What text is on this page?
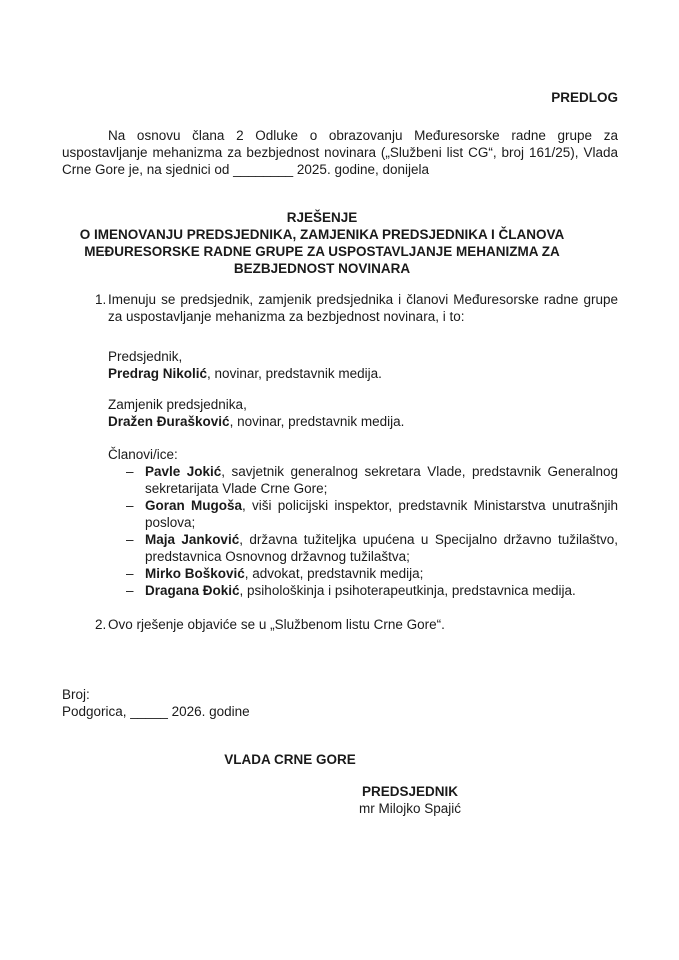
PREDLOG

Na osnovu člana 2 Odluke o obrazovanju Međuresorske radne grupe za uspostavljanje mehanizma za bezbjednost novinara („Službeni list CG“, broj 161/25), Vlada Crne Gore je, na sjednici od ________ 2025. godine, donijela

RJEŠENJE
O IMENOVANJU PREDSJEDNIKA, ZAMJENIKA PREDSJEDNIKA I ČLANOVA
MEĐURESORSKE RADNE GRUPE ZA USPOSTAVLJANJE MEHANIZMA ZA
BEZBJEDNOST NOVINARA
1. Imenuju se predsjednik, zamjenik predsjednika i članovi Međuresorske radne grupe za uspostavljanje mehanizma za bezbjednost novinara, i to:
Predsjednik,
Predrag Nikolić, novinar, predstavnik medija.
Zamjenik predsjednika,
Dražen Đurašković, novinar, predstavnik medija.
Članovi/ice:
– Pavle Jokić, savjetnik generalnog sekretara Vlade, predstavnik Generalnog sekretarijata Vlade Crne Gore;
– Goran Mugoša, viši policijski inspektor, predstavnik Ministarstva unutrašnjih poslova;
– Maja Janković, državna tužiteljka upućena u Specijalno državno tužilaštvo, predstavnica Osnovnog državnog tužilaštva;
– Mirko Bošković, advokat, predstavnik medija;
– Dragana Đokić, psihološkinja i psihoterapeutkinja, predstavnica medija.
2. Ovo rješenje objaviće se u „Službenom listu Crne Gore“.
Broj:
Podgorica, _____ 2026. godine
VLADA CRNE GORE
PREDSJEDNIK
mr Milojko Spajić
